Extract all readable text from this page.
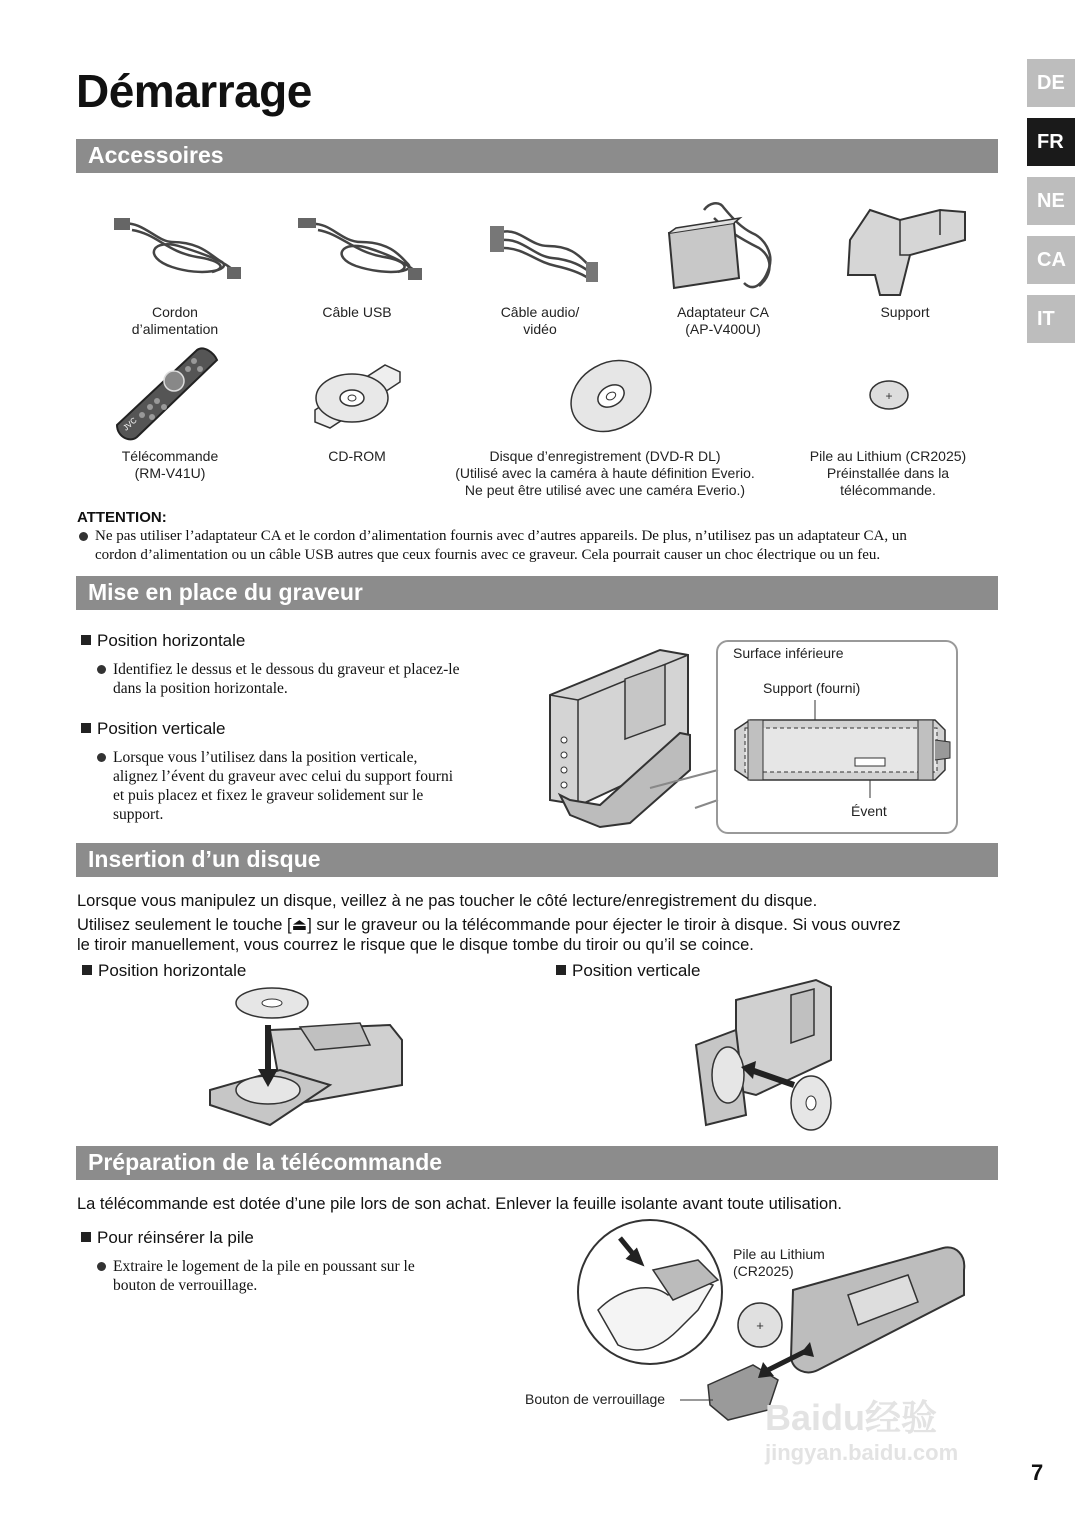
Démarrage	DE
FR
NE
CA
IT
Accessoires
Cordon
d’alimentation
Câble USB	Câble audio/
vidéo
Adaptateur CA
(AP-V400U)
Support
JVC
+
Télécommande
(RM-V41U)
CD-ROM	Disque d’enregistrement (DVD-R DL)
(Utilisé avec la caméra à haute définition Everio.
Ne peut être utilisé avec une caméra Everio.)
Pile au Lithium (CR2025)
Préinstallée dans la
télécommande.
ATTENTION:
Ne pas utiliser l’adaptateur CA et le cordon d’alimentation fournis avec d’autres appareils. De plus, n’utilisez pas un adaptateur CA, un
cordon d’alimentation ou un câble USB autres que ceux fournis avec ce graveur. Cela pourrait causer un choc électrique ou un feu.
Mise en place du graveur
Position horizontale
Identifiez le dessus et le dessous du graveur et placez-le
dans la position horizontale.
Position verticale
Lorsque vous l’utilisez dans la position verticale,
alignez l’évent du graveur avec celui du support fourni
et puis placez et fixez le graveur solidement sur le
support.
Surface inférieure
Support (fourni)
Évent
Insertion d’un disque
Lorsque vous manipulez un disque, veillez à ne pas toucher le côté lecture/enregistrement du disque.
Utilisez seulement le touche [⏏] sur le graveur ou la télécommande pour éjecter le tiroir à disque. Si vous ouvrez
le tiroir manuellement, vous courrez le risque que le disque tombe du tiroir ou qu’il se coince.
Position horizontale	Position verticale
Préparation de la télécommande
La télécommande est dotée d’une pile lors de son achat. Enlever la feuille isolante avant toute utilisation.
Pour réinsérer la pile
Extraire le logement de la pile en poussant sur le
bouton de verrouillage.
+
Pile au Lithium
(CR2025)
Bouton de verrouillage	Baidu经验
jingyan.baidu.com
7
